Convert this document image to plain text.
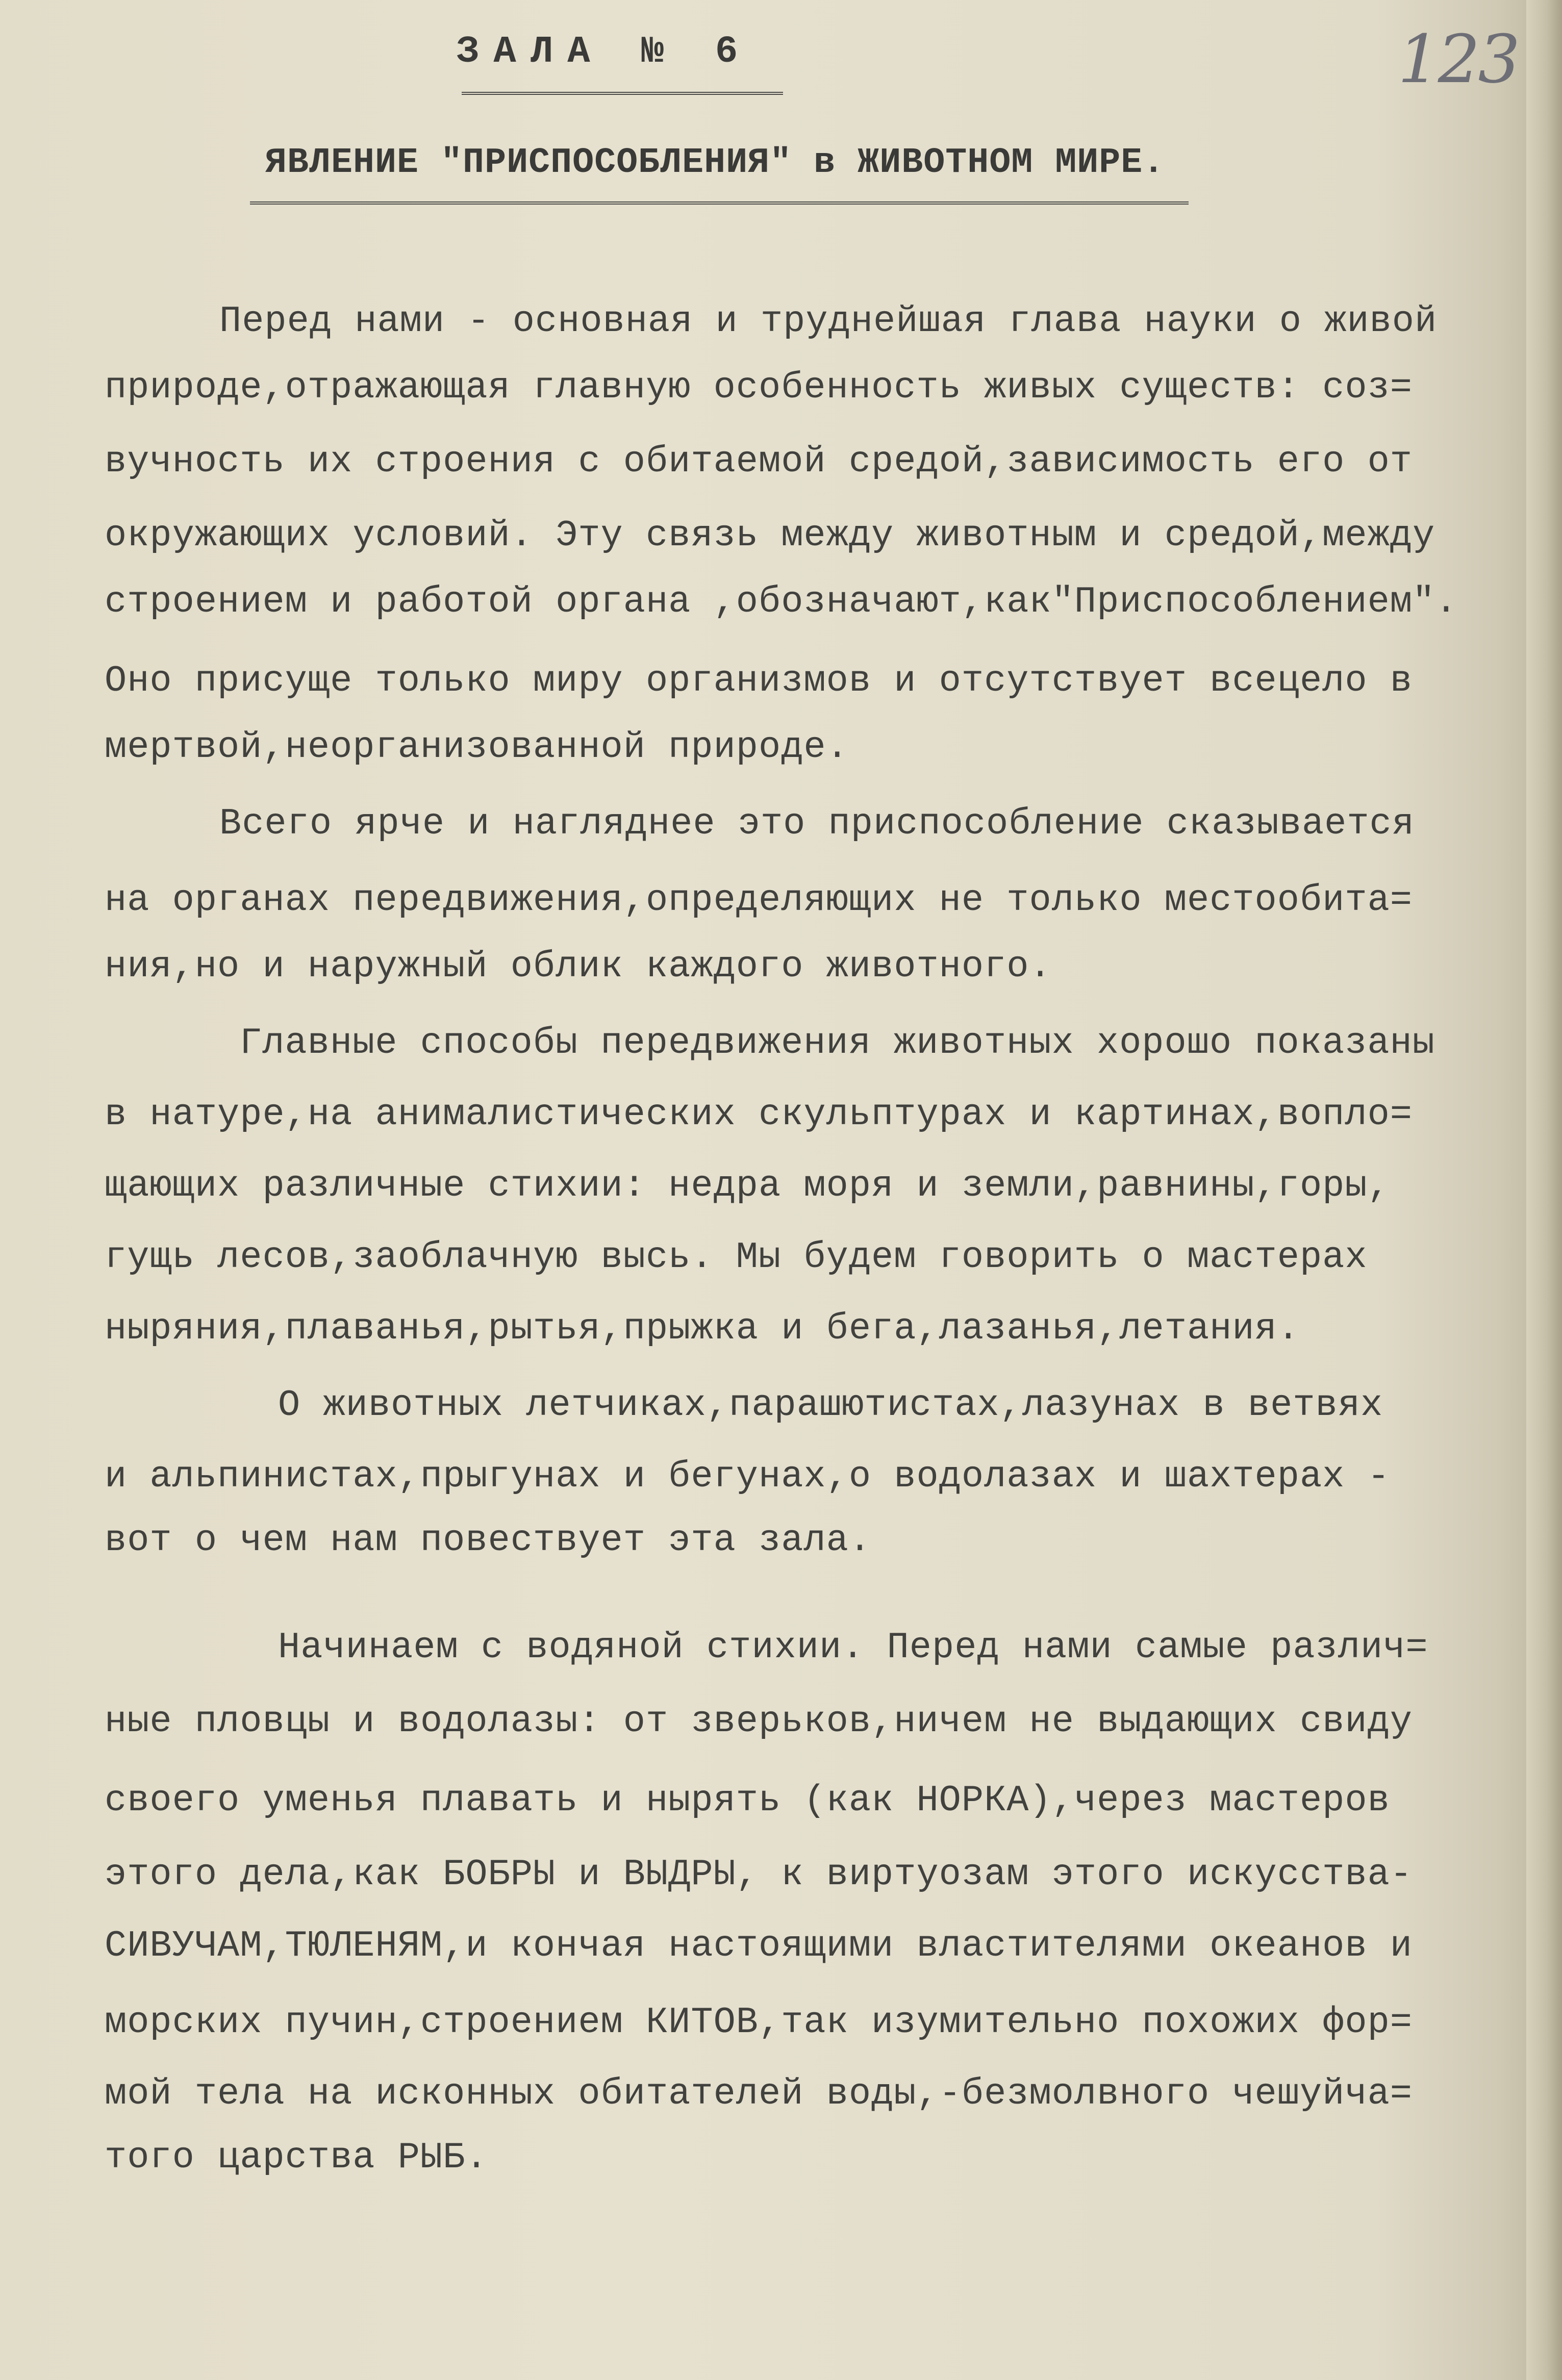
123
ЗАЛА № 6
ЯВЛЕНИЕ "ПРИСПОСОБЛЕНИЯ" в ЖИВОТНОМ МИРЕ.
Перед нами - основная и труднейшая глава науки о живой
природе,отражающая главную особенность живых существ: соз=
вучность их строения с обитаемой средой,зависимость его от
окружающих условий. Эту связь между животным и средой,между
строением и работой органа ,обозначают,как"Приспособлением".
Оно присуще только миру организмов и отсутствует всецело в
мертвой,неорганизованной природе.
Всего ярче и нагляднее это приспособление сказывается
на органах передвижения,определяющих не только местообита=
ния,но и наружный облик каждого животного.
Главные способы передвижения животных хорошо показаны
в натуре,на анималистических скульптурах и картинах,вопло=
щающих различные стихии: недра моря и земли,равнины,горы,
гущь лесов,заоблачную высь. Мы будем говорить о мастерах
ныряния,плаванья,рытья,прыжка и бега,лазанья,летания.
О животных летчиках,парашютистах,лазунах в ветвях
и альпинистах,прыгунах и бегунах,о водолазах и шахтерах -
вот о чем нам повествует эта зала.
Начинаем с водяной стихии. Перед нами самые различ=
ные пловцы и водолазы: от зверьков,ничем не выдающих свиду
своего уменья плавать и нырять (как НОРКА),через мастеров
этого дела,как БОБРЫ и ВЫДРЫ, к виртуозам этого искусства-
СИВУЧАМ,ТЮЛЕНЯМ,и кончая настоящими властителями океанов и
морских пучин,строением КИТОВ,так изумительно похожих фор=
мой тела на исконных обитателей воды,-безмолвного чешуйча=
того царства РЫБ.
